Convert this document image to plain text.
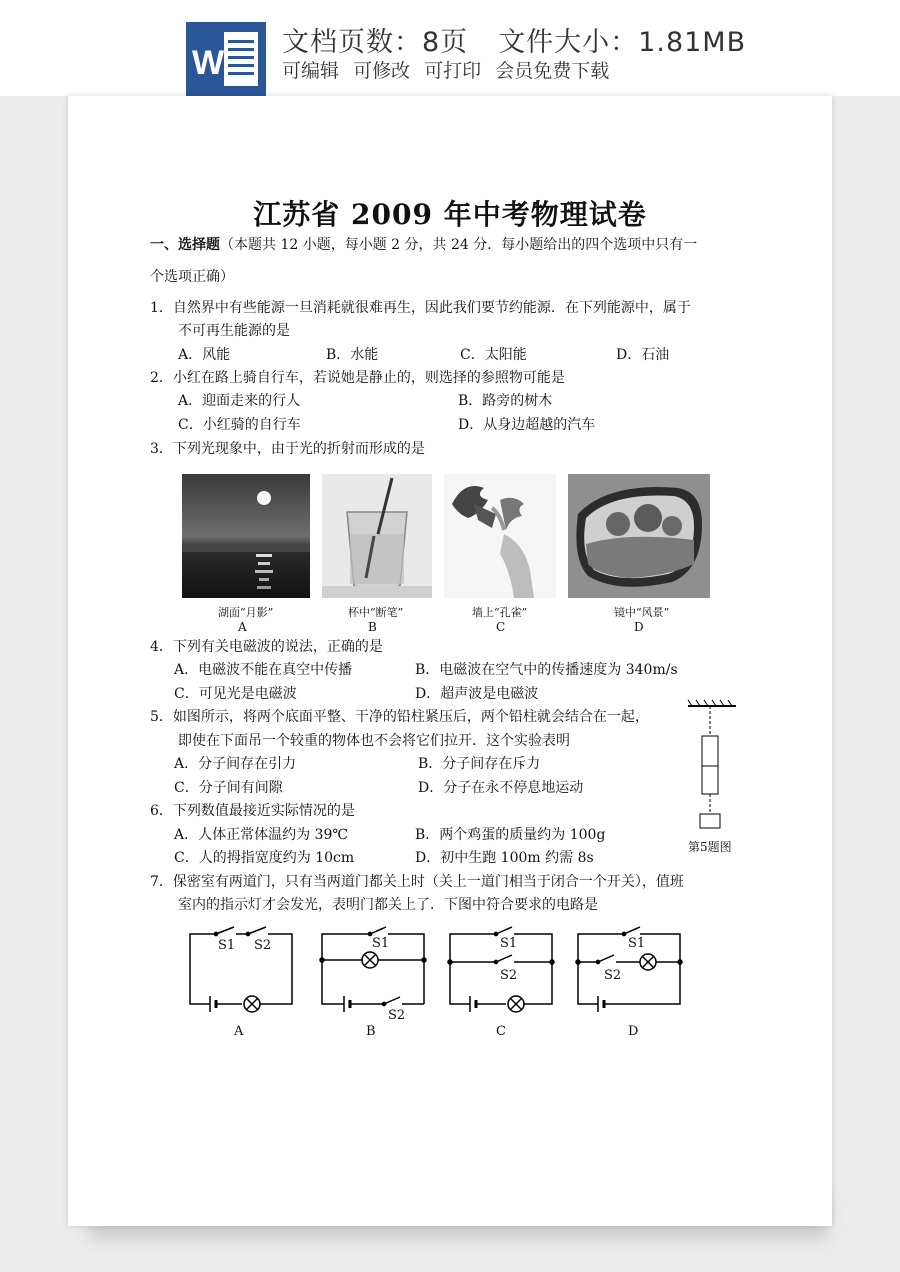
W
文档页数：8页 文件大小：1.81MB
可编辑 可修改 可打印 会员免费下载
江苏省 2009 年中考物理试卷
一、选择题（本题共 12 小题，每小题 2 分，共 24 分．每小题给出的四个选项中只有一
个选项正确）
1．自然界中有些能源一旦消耗就很难再生，因此我们要节约能源．在下列能源中，属于
不可再生能源的是
A．风能	B．水能	C．太阳能	D．石油
2．小红在路上骑自行车，若说她是静止的，则选择的参照物可能是
A．迎面走来的行人	B．路旁的树木
C．小红骑的自行车	D．从身边超越的汽车
3．下列光现象中，由于光的折射而形成的是
湖面“月影”	杯中“断笔”	墙上“孔雀”	镜中“风景”
A	B	C	D
4．下列有关电磁波的说法，正确的是
A．电磁波不能在真空中传播	B．电磁波在空气中的传播速度为 340m/s
C．可见光是电磁波	D．超声波是电磁波
5．如图所示，将两个底面平整、干净的铅柱紧压后，两个铅柱就会结合在一起，
即使在下面吊一个较重的物体也不会将它们拉开．这个实验表明
A．分子间存在引力	B．分子间存在斥力
C．分子间有间隙	D．分子在永不停息地运动
第5题图
6．下列数值最接近实际情况的是
A．人体正常体温约为 39℃	B．两个鸡蛋的质量约为 100g
C．人的拇指宽度约为 10cm	D．初中生跑 100m 约需 8s
7．保密室有两道门，只有当两道门都关上时（关上一道门相当于闭合一个开关），值班
室内的指示灯才会发光，表明门都关上了．下图中符合要求的电路是
S1 S2	S1
S2
S1
S2
S1
S2
A	B	C	D
